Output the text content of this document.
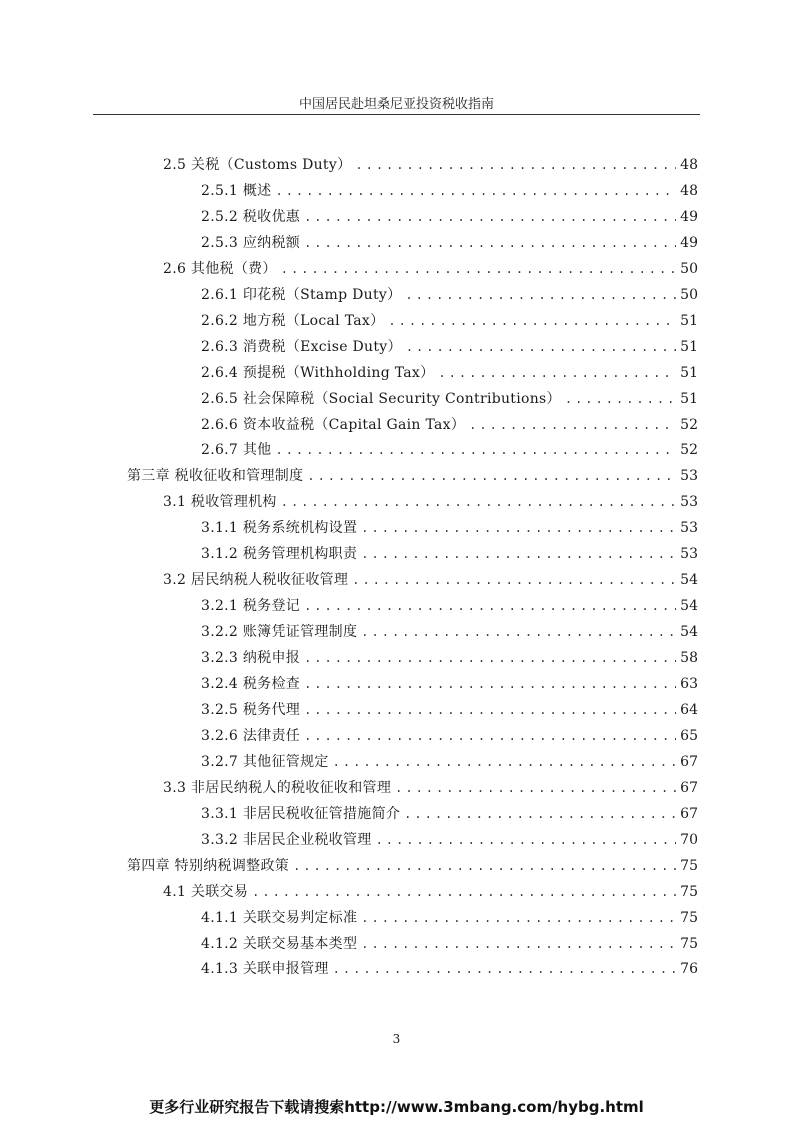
中国居民赴坦桑尼亚投资税收指南
2.5 关税（Customs Duty） .....	48
2.5.1 概述 .....	48
2.5.2 税收优惠 .....	49
2.5.3 应纳税额 .....	49
2.6 其他税（费） .....	50
2.6.1 印花税（Stamp Duty） .....	50
2.6.2 地方税（Local Tax） .....	51
2.6.3 消费税（Excise Duty） .....	51
2.6.4 预提税（Withholding Tax） .....	51
2.6.5 社会保障税（Social Security Contributions） .....	51
2.6.6 资本收益税（Capital Gain Tax） .....	52
2.6.7 其他 .....	52
第三章 税收征收和管理制度 .....	53
3.1 税收管理机构 .....	53
3.1.1 税务系统机构设置 .....	53
3.1.2 税务管理机构职责 .....	53
3.2 居民纳税人税收征收管理 .....	54
3.2.1 税务登记 .....	54
3.2.2 账簿凭证管理制度 .....	54
3.2.3 纳税申报 .....	58
3.2.4 税务检查 .....	63
3.2.5 税务代理 .....	64
3.2.6 法律责任 .....	65
3.2.7 其他征管规定 .....	67
3.3 非居民纳税人的税收征收和管理 .....	67
3.3.1 非居民税收征管措施简介 .....	67
3.3.2 非居民企业税收管理 .....	70
第四章 特别纳税调整政策 .....	75
4.1 关联交易 .....	75
4.1.1 关联交易判定标准 .....	75
4.1.2 关联交易基本类型 .....	75
4.1.3 关联申报管理 .....	76
3
更多行业研究报告下载请搜索http://www.3mbang.com/hybg.html
